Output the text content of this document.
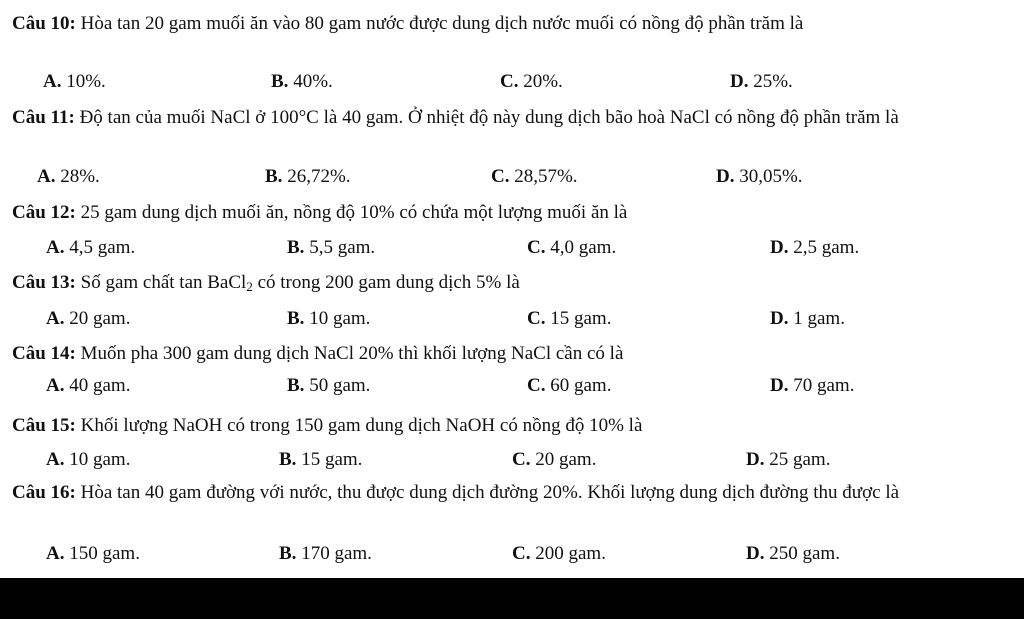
Câu 10: Hòa tan 20 gam muối ăn vào 80 gam nước được dung dịch nước muối có nồng độ phần trăm là
A. 10%.	B. 40%.	C. 20%.	D. 25%.
Câu 11: Độ tan của muối NaCl ở 100°C là 40 gam. Ở nhiệt độ này dung dịch bão hoà NaCl có nồng độ phần trăm là
A. 28%.	B. 26,72%.	C. 28,57%.	D. 30,05%.
Câu 12: 25 gam dung dịch muối ăn, nồng độ 10% có chứa một lượng muối ăn là
A. 4,5 gam.	B. 5,5 gam.	C. 4,0 gam.	D. 2,5 gam.
Câu 13: Số gam chất tan BaCl$_2$ có trong 200 gam dung dịch 5% là
A. 20 gam.	B. 10 gam.	C. 15 gam.	D. 1 gam.
Câu 14: Muốn pha 300 gam dung dịch NaCl 20% thì khối lượng NaCl cần có là
A. 40 gam.	B. 50 gam.	C. 60 gam.	D. 70 gam.
Câu 15: Khối lượng NaOH có trong 150 gam dung dịch NaOH có nồng độ 10% là
A. 10 gam.	B. 15 gam.	C. 20 gam.	D. 25 gam.
Câu 16: Hòa tan 40 gam đường với nước, thu được dung dịch đường 20%. Khối lượng dung dịch đường thu được là
A. 150 gam.	B. 170 gam.	C. 200 gam.	D. 250 gam.
